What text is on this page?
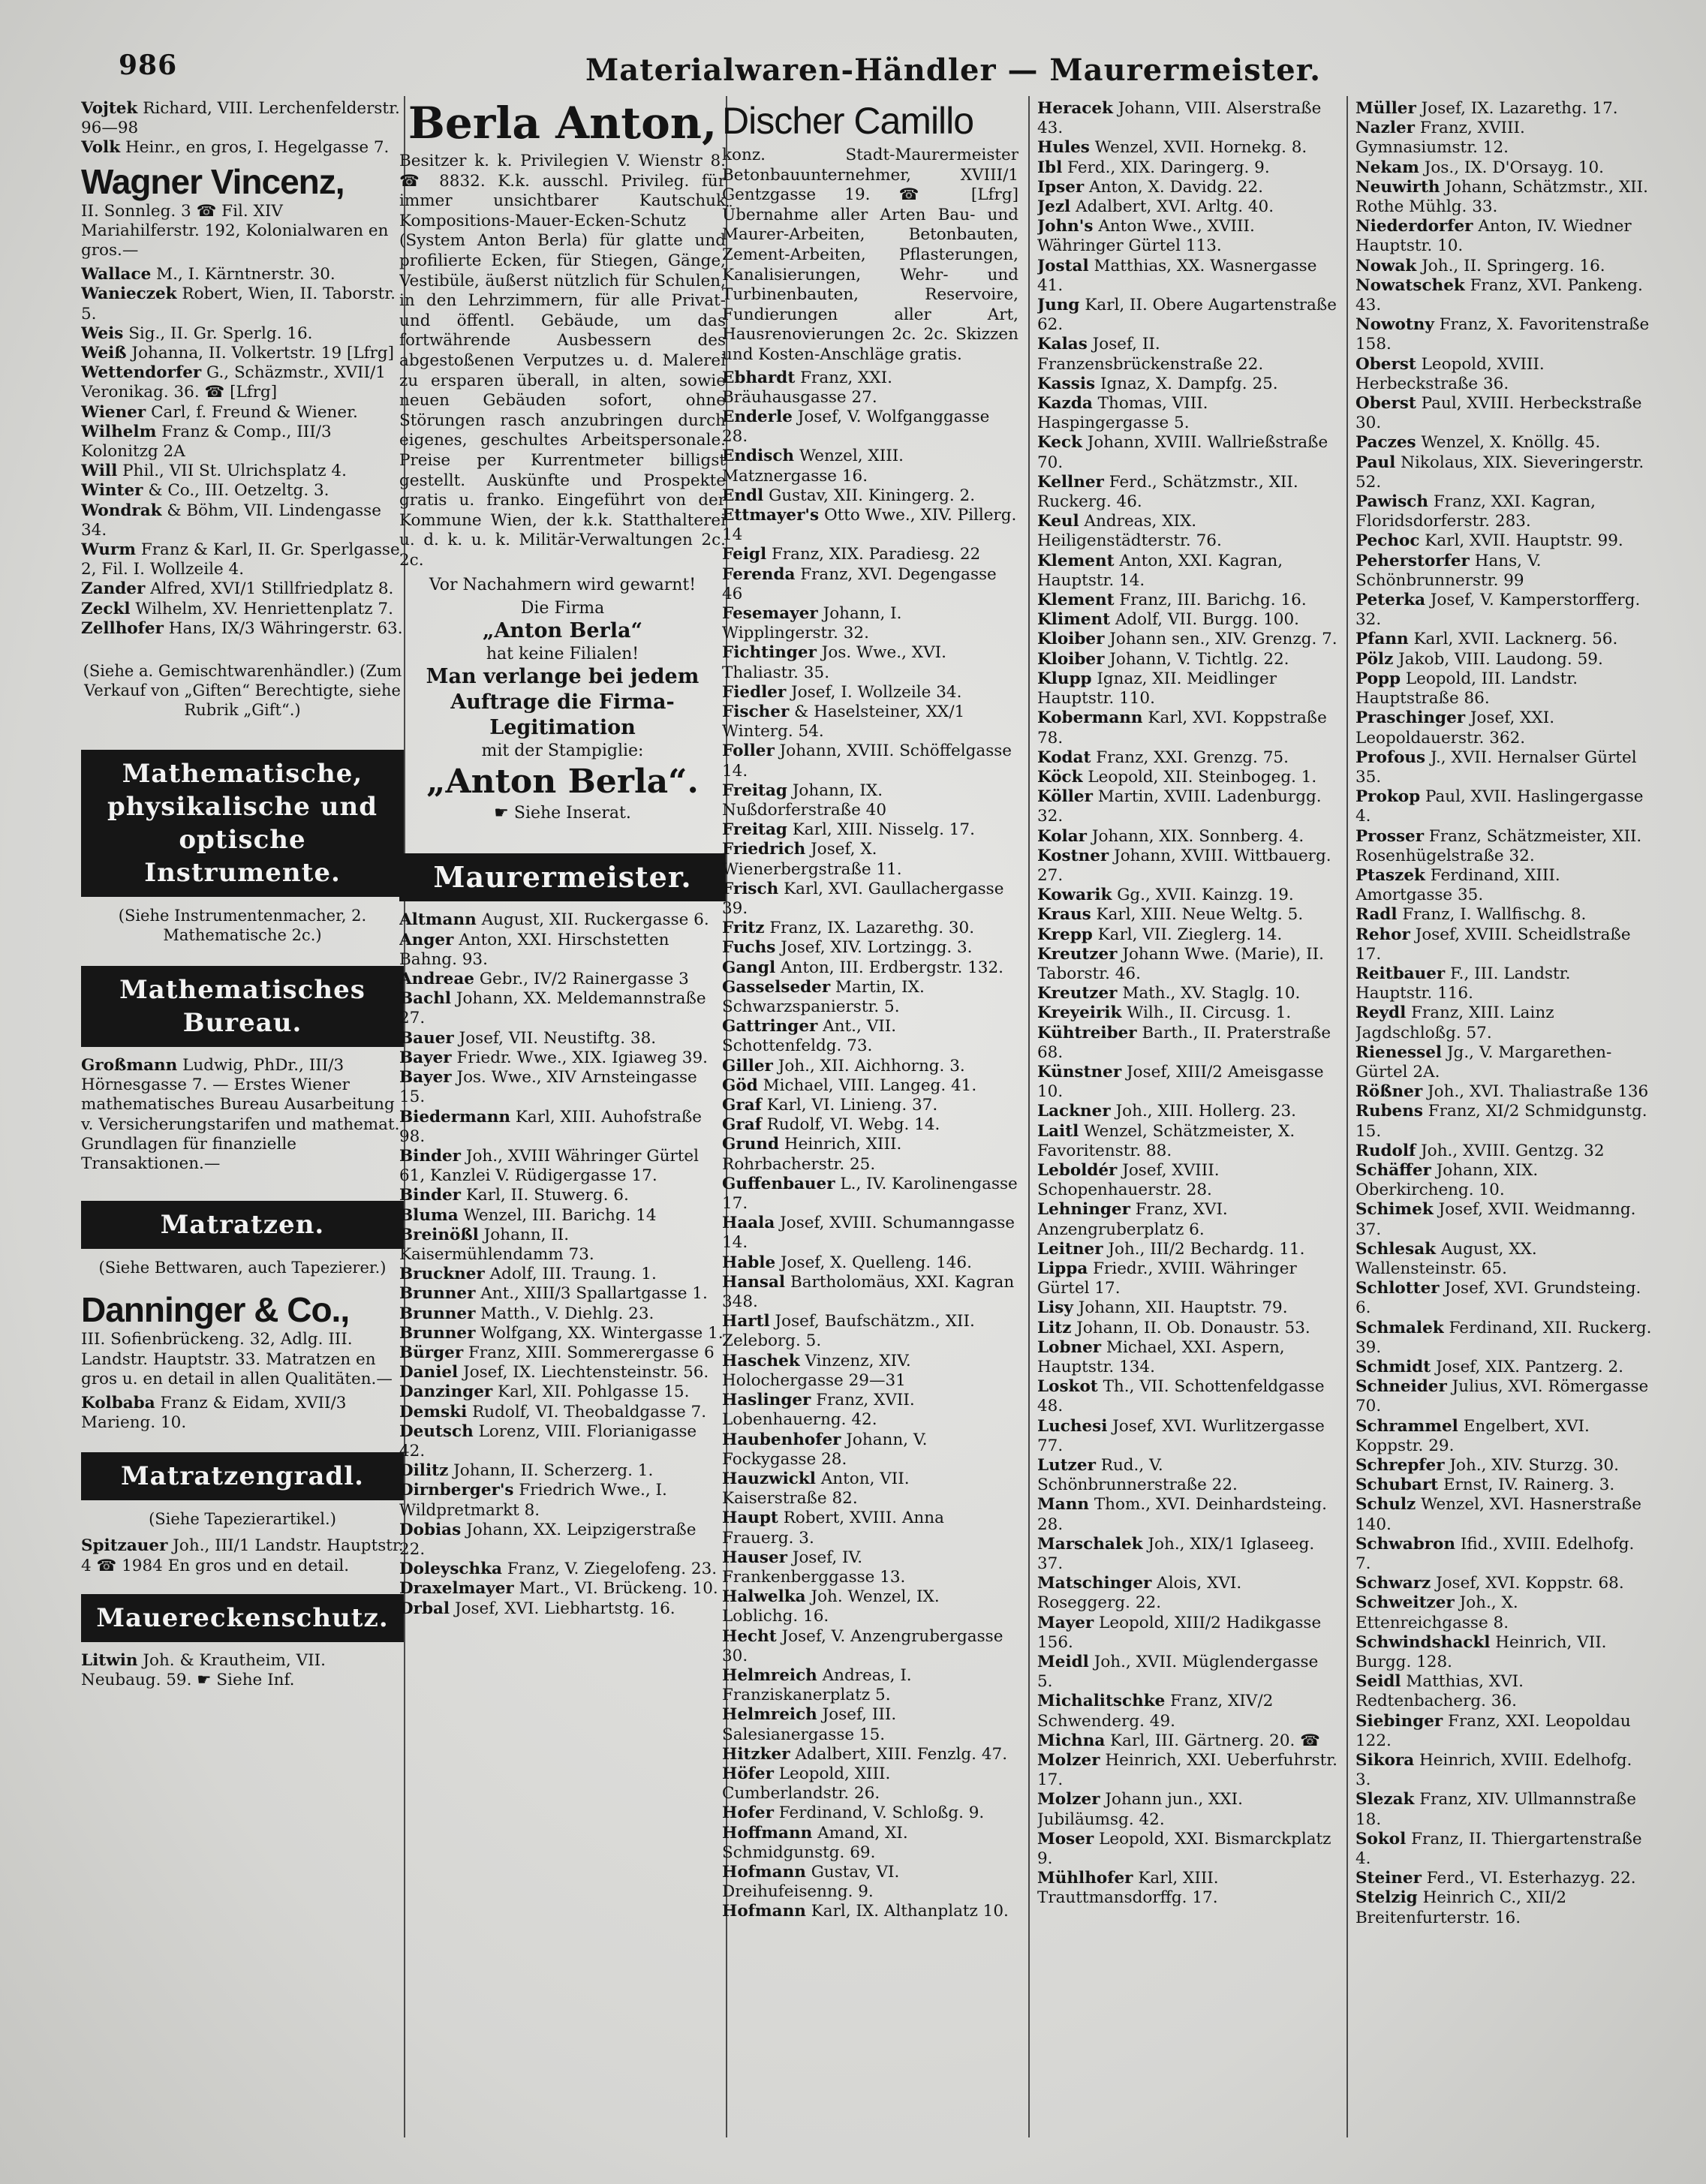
986	Materialwaren-Händler — Maurermeister.

Vojtek Richard, VIII. Lerchenfelderstr. 96—98

Volk Heinr., en gros, I. Hegelgasse 7.

Wagner Vincenz,
II. Sonnleg. 3 ☎ Fil. XIV Mariahilferstr. 192, Kolonialwaren en gros.—

Wallace M., I. Kärntnerstr. 30.

Wanieczek Robert, Wien, II. Taborstr. 5.

Weis Sig., II. Gr. Sperlg. 16.

Weiß Johanna, II. Volkertstr. 19 [Lfrg]

Wettendorfer G., Schäzmstr., XVII/1 Veronikag. 36. ☎ [Lfrg]

Wiener Carl, f. Freund & Wiener.

Wilhelm Franz & Comp., III/3 Kolonitzg 2A

Will Phil., VII St. Ulrichsplatz 4.

Winter & Co., III. Oetzeltg. 3.

Wondrak & Böhm, VII. Lindengasse 34.

Wurm Franz & Karl, II. Gr. Sperlgasse 2, Fil. I. Wollzeile 4.

Zander Alfred, XVI/1 Stillfriedplatz 8.

Zeckl Wilhelm, XV. Henriettenplatz 7.

Zellhofer Hans, IX/3 Währingerstr. 63.

(Siehe a. Gemischtwarenhändler.) (Zum Verkauf von „Giften“ Berechtigte, siehe Rubrik „Gift“.)
Mathematische, physikalische und optische Instrumente.
(Siehe Instrumentenmacher, 2. Mathematische 2c.)
Mathematisches Bureau.

Großmann Ludwig, PhDr., III/3 Hörnesgasse 7. — Erstes Wiener mathematisches Bureau Ausarbeitung v. Versicherungstarifen und mathemat. Grundlagen für finanzielle Transaktionen.—

Matratzen.
(Siehe Bettwaren, auch Tapezierer.)
Danninger & Co.,
III. Sofienbrückeng. 32, Adlg. III. Landstr. Hauptstr. 33. Matratzen en gros u. en detail in allen Qualitäten.—

Kolbaba Franz & Eidam, XVII/3 Marieng. 10.

Matratzengradl.
(Siehe Tapezierartikel.)

Spitzauer Joh., III/1 Landstr. Hauptstr. 4 ☎ 1984 En gros und en detail.

Mauereckenschutz.

Litwin Joh. & Krautheim, VII. Neubaug. 59. ☛ Siehe Inf.

Berla Anton,
Besitzer k. k. Privilegien V. Wienstr 8. ☎ 8832. K.k. ausschl. Privileg. für immer unsichtbarer Kautschuk Kompositions-Mauer-Ecken-Schutz (System Anton Berla) für glatte und profilierte Ecken, für Stiegen, Gänge, Vestibüle, äußerst nützlich für Schulen, in den Lehrzimmern, für alle Privat- und öffentl. Gebäude, um das fortwährende Ausbessern des abgestoßenen Verputzes u. d. Malerei zu ersparen überall, in alten, sowie neuen Gebäuden sofort, ohne Störungen rasch anzubringen durch eigenes, geschultes Arbeitspersonale. Preise per Kurrentmeter billigst gestellt. Auskünfte und Prospekte gratis u. franko. Eingeführt von der Kommune Wien, der k.k. Statthalterei u. d. k. u. k. Militär-Verwaltungen 2c. 2c.
Vor Nachahmern wird gewarnt!
Die Firma
„Anton Berla“
hat keine Filialen!
Man verlange bei jedem Auftrage die Firma-Legitimation
mit der Stampiglie:
„Anton Berla“.
☛ Siehe Inserat.
Maurermeister.

Altmann August, XII. Ruckergasse 6.

Anger Anton, XXI. Hirschstetten Bahng. 93.

Andreae Gebr., IV/2 Rainergasse 3

Bachl Johann, XX. Meldemannstraße 27.

Bauer Josef, VII. Neustiftg. 38.

Bayer Friedr. Wwe., XIX. Igiaweg 39.

Bayer Jos. Wwe., XIV Arnsteingasse 15.

Biedermann Karl, XIII. Auhofstraße 98.

Binder Joh., XVIII Währinger Gürtel 61, Kanzlei V. Rüdigergasse 17.

Binder Karl, II. Stuwerg. 6.

Bluma Wenzel, III. Barichg. 14

Breinößl Johann, II. Kaisermühlendamm 73.

Bruckner Adolf, III. Traung. 1.

Brunner Ant., XIII/3 Spallartgasse 1.

Brunner Matth., V. Diehlg. 23.

Brunner Wolfgang, XX. Wintergasse 1.

Bürger Franz, XIII. Sommerergasse 6

Daniel Josef, IX. Liechtensteinstr. 56.

Danzinger Karl, XII. Pohlgasse 15.

Demski Rudolf, VI. Theobaldgasse 7.

Deutsch Lorenz, VIII. Florianigasse 42.

Dilitz Johann, II. Scherzerg. 1.

Dirnberger's Friedrich Wwe., I. Wildpretmarkt 8.

Dobias Johann, XX. Leipzigerstraße 22.

Doleyschka Franz, V. Ziegelofeng. 23.

Draxelmayer Mart., VI. Brückeng. 10.

Drbal Josef, XVI. Liebhartstg. 16.

Discher Camillo
konz. Stadt-Maurermeister Betonbauunternehmer, XVIII/1 Gentzgasse 19. ☎ [Lfrg] Übernahme aller Arten Bau- und Maurer-Arbeiten, Betonbauten, Zement-Arbeiten, Pflasterungen, Kanalisierungen, Wehr- und Turbinenbauten, Reservoire, Fundierungen aller Art, Hausrenovierungen 2c. 2c. Skizzen und Kosten-Anschläge gratis.

Ebhardt Franz, XXI. Bräuhausgasse 27.

Enderle Josef, V. Wolfganggasse 28.

Endisch Wenzel, XIII. Matznergasse 16.

Endl Gustav, XII. Kiningerg. 2.

Ettmayer's Otto Wwe., XIV. Pillerg. 14

Feigl Franz, XIX. Paradiesg. 22

Ferenda Franz, XVI. Degengasse 46

Fesemayer Johann, I. Wipplingerstr. 32.

Fichtinger Jos. Wwe., XVI. Thaliastr. 35.

Fiedler Josef, I. Wollzeile 34.

Fischer & Haselsteiner, XX/1 Winterg. 54.

Foller Johann, XVIII. Schöffelgasse 14.

Freitag Johann, IX. Nußdorferstraße 40

Freitag Karl, XIII. Nisselg. 17.

Friedrich Josef, X. Wienerbergstraße 11.

Frisch Karl, XVI. Gaullachergasse 39.

Fritz Franz, IX. Lazarethg. 30.

Fuchs Josef, XIV. Lortzingg. 3.

Gangl Anton, III. Erdbergstr. 132.

Gasselseder Martin, IX. Schwarzspanierstr. 5.

Gattringer Ant., VII. Schottenfeldg. 73.

Giller Joh., XII. Aichhorng. 3.

Göd Michael, VIII. Langeg. 41.

Graf Karl, VI. Linieng. 37.

Graf Rudolf, VI. Webg. 14.

Grund Heinrich, XIII. Rohrbacherstr. 25.

Guffenbauer L., IV. Karolinengasse 17.

Haala Josef, XVIII. Schumanngasse 14.

Hable Josef, X. Quelleng. 146.

Hansal Bartholomäus, XXI. Kagran 348.

Hartl Josef, Baufschätzm., XII. Zeleborg. 5.

Haschek Vinzenz, XIV. Holochergasse 29—31

Haslinger Franz, XVII. Lobenhauerng. 42.

Haubenhofer Johann, V. Fockygasse 28.

Hauzwickl Anton, VII. Kaiserstraße 82.

Haupt Robert, XVIII. Anna Frauerg. 3.

Hauser Josef, IV. Frankenberggasse 13.

Halwelka Joh. Wenzel, IX. Loblichg. 16.

Hecht Josef, V. Anzengrubergasse 30.

Helmreich Andreas, I. Franziskanerplatz 5.

Helmreich Josef, III. Salesianergasse 15.

Hitzker Adalbert, XIII. Fenzlg. 47.

Höfer Leopold, XIII. Cumberlandstr. 26.

Hofer Ferdinand, V. Schloßg. 9.

Hoffmann Amand, XI. Schmidgunstg. 69.

Hofmann Gustav, VI. Dreihufeisenng. 9.

Hofmann Karl, IX. Althanplatz 10.

Heracek Johann, VIII. Alserstraße 43.

Hules Wenzel, XVII. Hornekg. 8.

Ibl Ferd., XIX. Daringerg. 9.

Ipser Anton, X. Davidg. 22.

Jezl Adalbert, XVI. Arltg. 40.

John's Anton Wwe., XVIII. Währinger Gürtel 113.

Jostal Matthias, XX. Wasnergasse 41.

Jung Karl, II. Obere Augartenstraße 62.

Kalas Josef, II. Franzensbrückenstraße 22.

Kassis Ignaz, X. Dampfg. 25.

Kazda Thomas, VIII. Haspingergasse 5.

Keck Johann, XVIII. Wallrießstraße 70.

Kellner Ferd., Schätzmstr., XII. Ruckerg. 46.

Keul Andreas, XIX. Heiligenstädterstr. 76.

Klement Anton, XXI. Kagran, Hauptstr. 14.

Klement Franz, III. Barichg. 16.

Kliment Adolf, VII. Burgg. 100.

Kloiber Johann sen., XIV. Grenzg. 7.

Kloiber Johann, V. Tichtlg. 22.

Klupp Ignaz, XII. Meidlinger Hauptstr. 110.

Kobermann Karl, XVI. Koppstraße 78.

Kodat Franz, XXI. Grenzg. 75.

Köck Leopold, XII. Steinbogeg. 1.

Köller Martin, XVIII. Ladenburgg. 32.

Kolar Johann, XIX. Sonnberg. 4.

Kostner Johann, XVIII. Wittbauerg. 27.

Kowarik Gg., XVII. Kainzg. 19.

Kraus Karl, XIII. Neue Weltg. 5.

Krepp Karl, VII. Zieglerg. 14.

Kreutzer Johann Wwe. (Marie), II. Taborstr. 46.

Kreutzer Math., XV. Staglg. 10.

Kreyeirik Wilh., II. Circusg. 1.

Kühtreiber Barth., II. Praterstraße 68.

Künstner Josef, XIII/2 Ameisgasse 10.

Lackner Joh., XIII. Hollerg. 23.

Laitl Wenzel, Schätzmeister, X. Favoritenstr. 88.

Leboldér Josef, XVIII. Schopenhauerstr. 28.

Lehninger Franz, XVI. Anzengruberplatz 6.

Leitner Joh., III/2 Bechardg. 11.

Lippa Friedr., XVIII. Währinger Gürtel 17.

Lisy Johann, XII. Hauptstr. 79.

Litz Johann, II. Ob. Donaustr. 53.

Lobner Michael, XXI. Aspern, Hauptstr. 134.

Loskot Th., VII. Schottenfeldgasse 48.

Luchesi Josef, XVI. Wurlitzergasse 77.

Lutzer Rud., V. Schönbrunnerstraße 22.

Mann Thom., XVI. Deinhardsteing. 28.

Marschalek Joh., XIX/1 Iglaseeg. 37.

Matschinger Alois, XVI. Roseggerg. 22.

Mayer Leopold, XIII/2 Hadikgasse 156.

Meidl Joh., XVII. Müglendergasse 5.

Michalitschke Franz, XIV/2 Schwenderg. 49.

Michna Karl, III. Gärtnerg. 20. ☎

Molzer Heinrich, XXI. Ueberfuhrstr. 17.

Molzer Johann jun., XXI. Jubiläumsg. 42.

Moser Leopold, XXI. Bismarckplatz 9.

Mühlhofer Karl, XIII. Trauttmansdorffg. 17.

Müller Josef, IX. Lazarethg. 17.

Nazler Franz, XVIII. Gymnasiumstr. 12.

Nekam Jos., IX. D'Orsayg. 10.

Neuwirth Johann, Schätzmstr., XII. Rothe Mühlg. 33.

Niederdorfer Anton, IV. Wiedner Hauptstr. 10.

Nowak Joh., II. Springerg. 16.

Nowatschek Franz, XVI. Pankeng. 43.

Nowotny Franz, X. Favoritenstraße 158.

Oberst Leopold, XVIII. Herbeckstraße 36.

Oberst Paul, XVIII. Herbeckstraße 30.

Paczes Wenzel, X. Knöllg. 45.

Paul Nikolaus, XIX. Sieveringerstr. 52.

Pawisch Franz, XXI. Kagran, Floridsdorferstr. 283.

Pechoc Karl, XVII. Hauptstr. 99.

Peherstorfer Hans, V. Schönbrunnerstr. 99

Peterka Josef, V. Kamperstorfferg. 32.

Pfann Karl, XVII. Lacknerg. 56.

Pölz Jakob, VIII. Laudong. 59.

Popp Leopold, III. Landstr. Hauptstraße 86.

Praschinger Josef, XXI. Leopoldauerstr. 362.

Profous J., XVII. Hernalser Gürtel 35.

Prokop Paul, XVII. Haslingergasse 4.

Prosser Franz, Schätzmeister, XII. Rosenhügelstraße 32.

Ptaszek Ferdinand, XIII. Amortgasse 35.

Radl Franz, I. Wallfischg. 8.

Rehor Josef, XVIII. Scheidlstraße 17.

Reitbauer F., III. Landstr. Hauptstr. 116.

Reydl Franz, XIII. Lainz Jagdschloßg. 57.

Rienessel Jg., V. Margarethen-Gürtel 2A.

Rößner Joh., XVI. Thaliastraße 136

Rubens Franz, XI/2 Schmidgunstg. 15.

Rudolf Joh., XVIII. Gentzg. 32

Schäffer Johann, XIX. Oberkircheng. 10.

Schimek Josef, XVII. Weidmanng. 37.

Schlesak August, XX. Wallensteinstr. 65.

Schlotter Josef, XVI. Grundsteing. 6.

Schmalek Ferdinand, XII. Ruckerg. 39.

Schmidt Josef, XIX. Pantzerg. 2.

Schneider Julius, XVI. Römergasse 70.

Schrammel Engelbert, XVI. Koppstr. 29.

Schrepfer Joh., XIV. Sturzg. 30.

Schubart Ernst, IV. Rainerg. 3.

Schulz Wenzel, XVI. Hasnerstraße 140.

Schwabron Ifid., XVIII. Edelhofg. 7.

Schwarz Josef, XVI. Koppstr. 68.

Schweitzer Joh., X. Ettenreichgasse 8.

Schwindshackl Heinrich, VII. Burgg. 128.

Seidl Matthias, XVI. Redtenbacherg. 36.

Siebinger Franz, XXI. Leopoldau 122.

Sikora Heinrich, XVIII. Edelhofg. 3.

Slezak Franz, XIV. Ullmannstraße 18.

Sokol Franz, II. Thiergartenstraße 4.

Steiner Ferd., VI. Esterhazyg. 22.

Stelzig Heinrich C., XII/2 Breitenfurterstr. 16.
